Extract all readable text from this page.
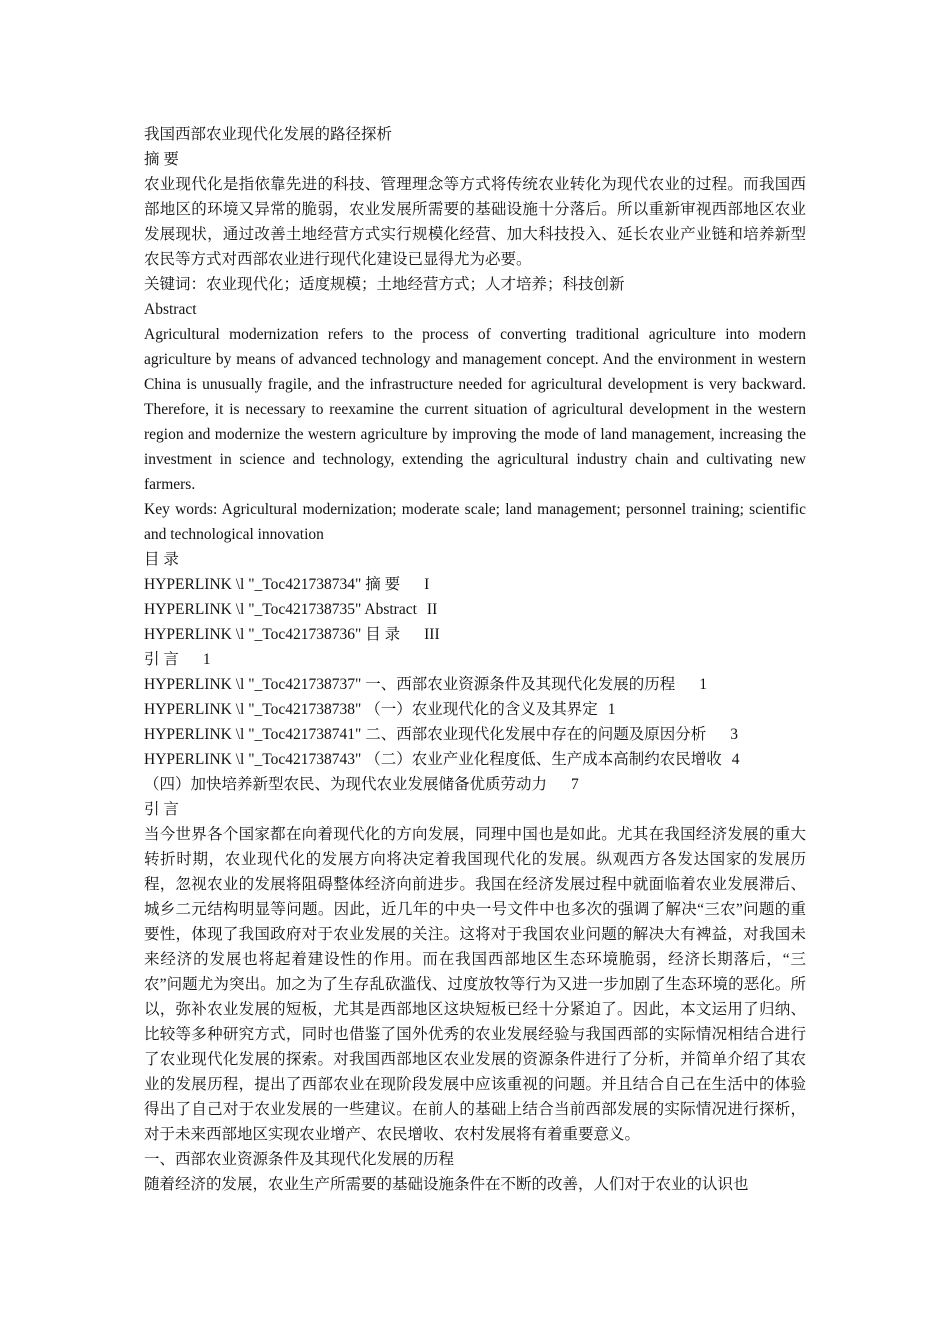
我国西部农业现代化发展的路径探析
摘 要

农业现代化是指依靠先进的科技、管理理念等方式将传统农业转化为现代农业的过程。而我国西部地区的环境又异常的脆弱，农业发展所需要的基础设施十分落后。所以重新审视西部地区农业发展现状，通过改善土地经营方式实行规模化经营、加大科技投入、延长农业产业链和培养新型农民等方式对西部农业进行现代化建设已显得尤为必要。

关键词：农业现代化；适度规模；土地经营方式；人才培养；科技创新
Abstract

Agricultural modernization refers to the process of converting traditional agriculture into modern agriculture by means of advanced technology and management concept. And the environment in western China is unusually fragile, and the infrastructure needed for agricultural development is very backward. Therefore, it is necessary to reexamine the current situation of agricultural development in the western region and modernize the western agriculture by improving the mode of land management, increasing the investment in science and technology, extending the agricultural industry chain and cultivating new farmers.

Key words: Agricultural modernization; moderate scale; land management; personnel training; scientific and technological innovation

目 录
HYPERLINK \l "_Toc421738734" 摘 要 I
HYPERLINK \l "_Toc421738735" Abstract II
HYPERLINK \l "_Toc421738736" 目 录 III
引 言 1
HYPERLINK \l "_Toc421738737" 一、西部农业资源条件及其现代化发展的历程 1
HYPERLINK \l "_Toc421738738" （一）农业现代化的含义及其界定 1
HYPERLINK \l "_Toc421738741" 二、西部农业现代化发展中存在的问题及原因分析 3
HYPERLINK \l "_Toc421738743" （二）农业产业化程度低、生产成本高制约农民增收 4
（四）加快培养新型农民、为现代农业发展储备优质劳动力 7
引 言

当今世界各个国家都在向着现代化的方向发展，同理中国也是如此。尤其在我国经济发展的重大转折时期，农业现代化的发展方向将决定着我国现代化的发展。纵观西方各发达国家的发展历程，忽视农业的发展将阻碍整体经济向前进步。我国在经济发展过程中就面临着农业发展滞后、城乡二元结构明显等问题。因此，近几年的中央一号文件中也多次的强调了解决“三农”问题的重要性，体现了我国政府对于农业发展的关注。这将对于我国农业问题的解决大有裨益，对我国未来经济的发展也将起着建设性的作用。而在我国西部地区生态环境脆弱，经济长期落后，“三农”问题尤为突出。加之为了生存乱砍滥伐、过度放牧等行为又进一步加剧了生态环境的恶化。所以，弥补农业发展的短板，尤其是西部地区这块短板已经十分紧迫了。因此，本文运用了归纳、比较等多种研究方式，同时也借鉴了国外优秀的农业发展经验与我国西部的实际情况相结合进行了农业现代化发展的探索。对我国西部地区农业发展的资源条件进行了分析，并简单介绍了其农业的发展历程，提出了西部农业在现阶段发展中应该重视的问题。并且结合自己在生活中的体验得出了自己对于农业发展的一些建议。在前人的基础上结合当前西部发展的实际情况进行探析，对于未来西部地区实现农业增产、农民增收、农村发展将有着重要意义。

一、西部农业资源条件及其现代化发展的历程
随着经济的发展，农业生产所需要的基础设施条件在不断的改善，人们对于农业的认识也
